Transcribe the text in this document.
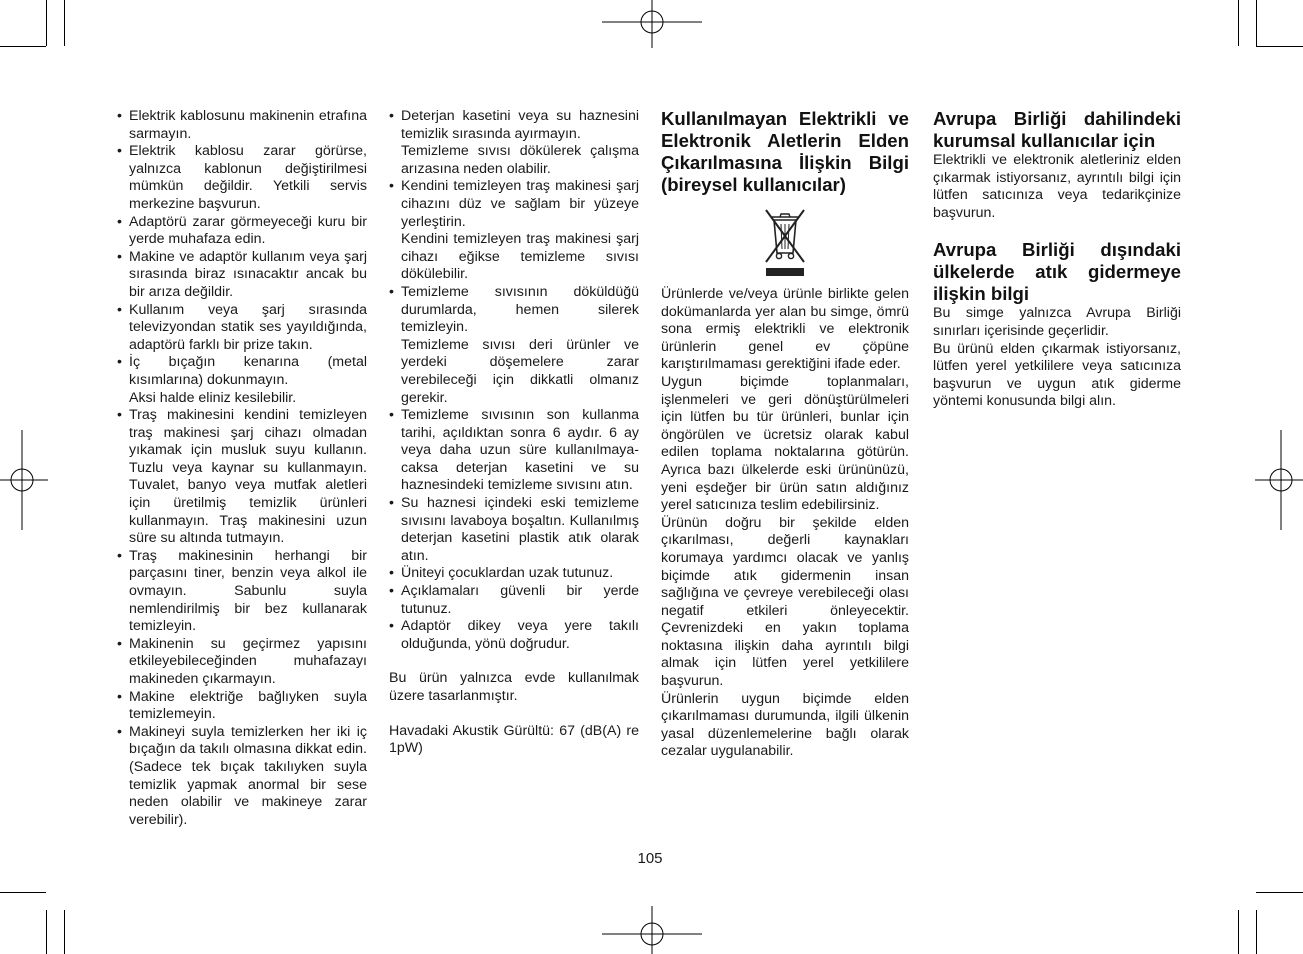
• Elektrik kablosunu makinenin etrafına sarmayın.
• Elektrik kablosu zarar görürse, yalnızca kablonun değiştirilmesi mümkün değildir. Yetkili servis merkezine başvurun.
• Adaptörü zarar görmeyeceği kuru bir yerde muhafaza edin.
• Makine ve adaptör kullanım veya şarj sırasında biraz ısınacaktır ancak bu bir arıza değildir.
• Kullanım veya şarj sırasında televizyondan statik ses yayıldığında, adaptörü farklı bir prize takın.
• İç bıçağın kenarına (metal kısımlarına) dokunmayın.
Aksi halde eliniz kesilebilir.
• Traş makinesini kendini temizleyen traş makinesi şarj cihazı olmadan yıkamak için musluk suyu kullanın. Tuzlu veya kaynar su kullanmayın. Tuvalet, banyo veya mutfak aletleri için üretilmiş temizlik ürünleri kullanmayın. Traş makinesini uzun süre su altında tutmayın.
• Traş makinesinin herhangi bir parçasını tiner, benzin veya alkol ile ovmayın. Sabunlu suyla nemlendirilmiş bir bez kullanarak temizleyin.
• Makinenin su geçirmez yapısını etkileyebileceğinden muhafazayı makineden çıkarmayın.
• Makine elektriğe bağlıyken suyla temizlemeyin.
• Makineyi suyla temizlerken her iki iç bıçağın da takılı olmasına dikkat edin. (Sadece tek bıçak takılıyken suyla temizlik yapmak anormal bir sese neden olabilir ve makineye zarar verebilir).
• Deterjan kasetini veya su haznesini temizlik sırasında ayırmayın.
Temizleme sıvısı dökülerek çalışma arızasına neden olabilir.
• Kendini temizleyen traş makinesi şarj cihazını düz ve sağlam bir yüzeye yerleştirin.
Kendini temizleyen traş makinesi şarj cihazı eğikse temizleme sıvısı dökülebilir.
• Temizleme sıvısının döküldüğü durumlarda, hemen silerek temizleyin.
Temizleme sıvısı deri ürünler ve yerdeki döşemelere zarar verebileceği için dikkatli olmanız gerekir.
• Temizleme sıvısının son kullanma tarihi, açıldıktan sonra 6 aydır. 6 ay veya daha uzun süre kullanılmaya-caksa deterjan kasetini ve su haznesindeki temizleme sıvısını atın.
• Su haznesi içindeki eski temizleme sıvısını lavaboya boşaltın. Kullanılmış deterjan kasetini plastik atık olarak atın.
• Üniteyi çocuklardan uzak tutunuz.
• Açıklamaları güvenli bir yerde tutunuz.
• Adaptör dikey veya yere takılı olduğunda, yönü doğrudur.

Bu ürün yalnızca evde kullanılmak üzere tasarlanmıştır.

Havadaki Akustik Gürültü: 67 (dB(A) re 1pW)

Kullanılmayan Elektrikli ve Elektronik Aletlerin Elden Çıkarılmasına İlişkin Bilgi (bireysel kullanıcılar)

Ürünlerde ve/veya ürünle birlikte gelen dokümanlarda yer alan bu simge, ömrü sona ermiş elektrikli ve elektronik ürünlerin genel ev çöpüne karıştırılmaması gerektiğini ifade eder.

Uygun biçimde toplanmaları, işlenmeleri ve geri dönüştürülmeleri için lütfen bu tür ürünleri, bunlar için öngörülen ve ücretsiz olarak kabul edilen toplama noktalarına götürün. Ayrıca bazı ülkelerde eski ürününüzü, yeni eşdeğer bir ürün satın aldığınız yerel satıcınıza teslim edebilirsiniz.

Ürünün doğru bir şekilde elden çıkarılması, değerli kaynakları korumaya yardımcı olacak ve yanlış biçimde atık gidermenin insan sağlığına ve çevreye verebileceği olası negatif etkileri önleyecektir. Çevrenizdeki en yakın toplama noktasına ilişkin daha ayrıntılı bilgi almak için lütfen yerel yetkililere başvurun.

Ürünlerin uygun biçimde elden çıkarılmaması durumunda, ilgili ülkenin yasal düzenlemelerine bağlı olarak cezalar uygulanabilir.

Avrupa Birliği dahilindeki kurumsal kullanıcılar için

Elektrikli ve elektronik aletleriniz elden çıkarmak istiyorsanız, ayrıntılı bilgi için lütfen satıcınıza veya tedarikçinize başvurun.

Avrupa Birliği dışındaki ülkelerde atık gidermeye ilişkin bilgi

Bu simge yalnızca Avrupa Birliği sınırları içerisinde geçerlidir.

Bu ürünü elden çıkarmak istiyorsanız, lütfen yerel yetkililere veya satıcınıza başvurun ve uygun atık giderme yöntemi konusunda bilgi alın.

105
